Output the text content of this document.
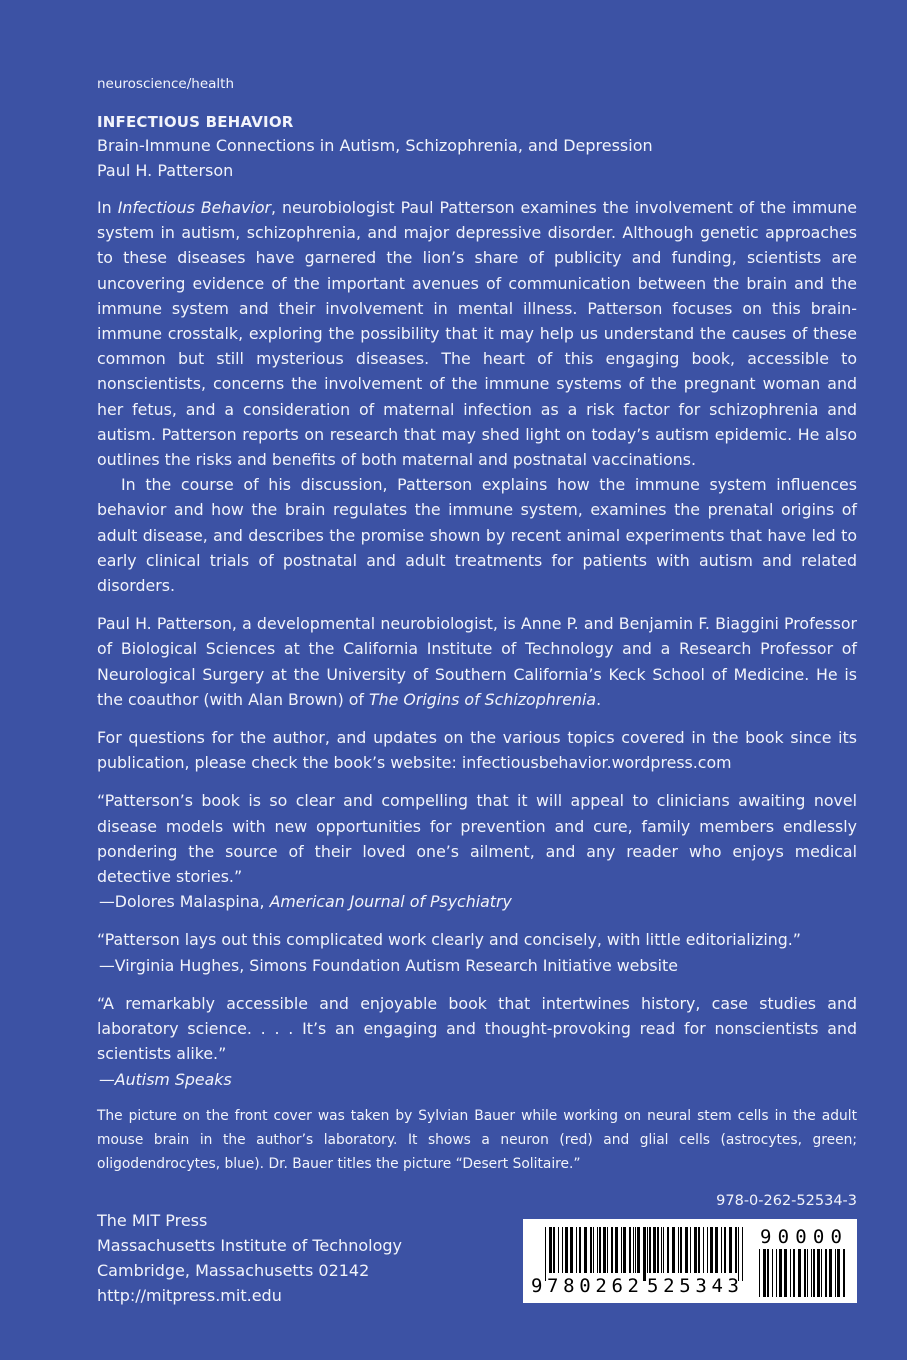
neuroscience/health
INFECTIOUS BEHAVIOR
Brain-Immune Connections in Autism, Schizophrenia, and Depression
Paul H. Patterson

In Infectious Behavior, neurobiologist Paul Patterson examines the involvement of the immune system in autism, schizophrenia, and major depressive disorder. Although genetic approaches to these diseases have garnered the lion’s share of publicity and funding, scientists are uncovering evidence of the important avenues of communication between the brain and the immune system and their involvement in mental illness. Patterson focuses on this brain-immune crosstalk, exploring the possibility that it may help us understand the causes of these common but still mysterious diseases. The heart of this engaging book, accessible to nonscientists, concerns the involvement of the immune systems of the pregnant woman and her fetus, and a consideration of maternal infection as a risk factor for schizophrenia and autism. Patterson reports on research that may shed light on today’s autism epidemic. He also outlines the risks and benefits of both maternal and postnatal vaccinations.

In the course of his discussion, Patterson explains how the immune system influences behavior and how the brain regulates the immune system, examines the prenatal origins of adult disease, and describes the promise shown by recent animal experiments that have led to early clinical trials of postnatal and adult treatments for patients with autism and related disorders.

Paul H. Patterson, a developmental neurobiologist, is Anne P. and Benjamin F. Biaggini Professor of Biological Sciences at the California Institute of Technology and a Research Professor of Neurological Surgery at the University of Southern California’s Keck School of Medicine. He is the coauthor (with Alan Brown) of The Origins of Schizophrenia.

For questions for the author, and updates on the various topics covered in the book since its publication, please check the book’s website: infectiousbehavior.wordpress.com

“Patterson’s book is so clear and compelling that it will appeal to clinicians awaiting novel disease models with new opportunities for prevention and cure, family members endlessly pondering the source of their loved one’s ailment, and any reader who enjoys medical detective stories.”

—Dolores Malaspina, American Journal of Psychiatry

“Patterson lays out this complicated work clearly and concisely, with little editorializing.”

—Virginia Hughes, Simons Foundation Autism Research Initiative website

“A remarkably accessible and enjoyable book that intertwines history, case studies and laboratory science. . . . It’s an engaging and thought-provoking read for nonscientists and scientists alike.”

—Autism Speaks
The picture on the front cover was taken by Sylvian Bauer while working on neural stem cells in the adult mouse brain in the author’s laboratory. It shows a neuron (red) and glial cells (astrocytes, green; oligodendrocytes, blue). Dr. Bauer titles the picture “Desert Solitaire.”
978-0-262-52534-3
The MIT Press
Massachusetts Institute of Technology
Cambridge, Massachusetts 02142
http://mitpress.mit.edu	9 780262 525343
90000
